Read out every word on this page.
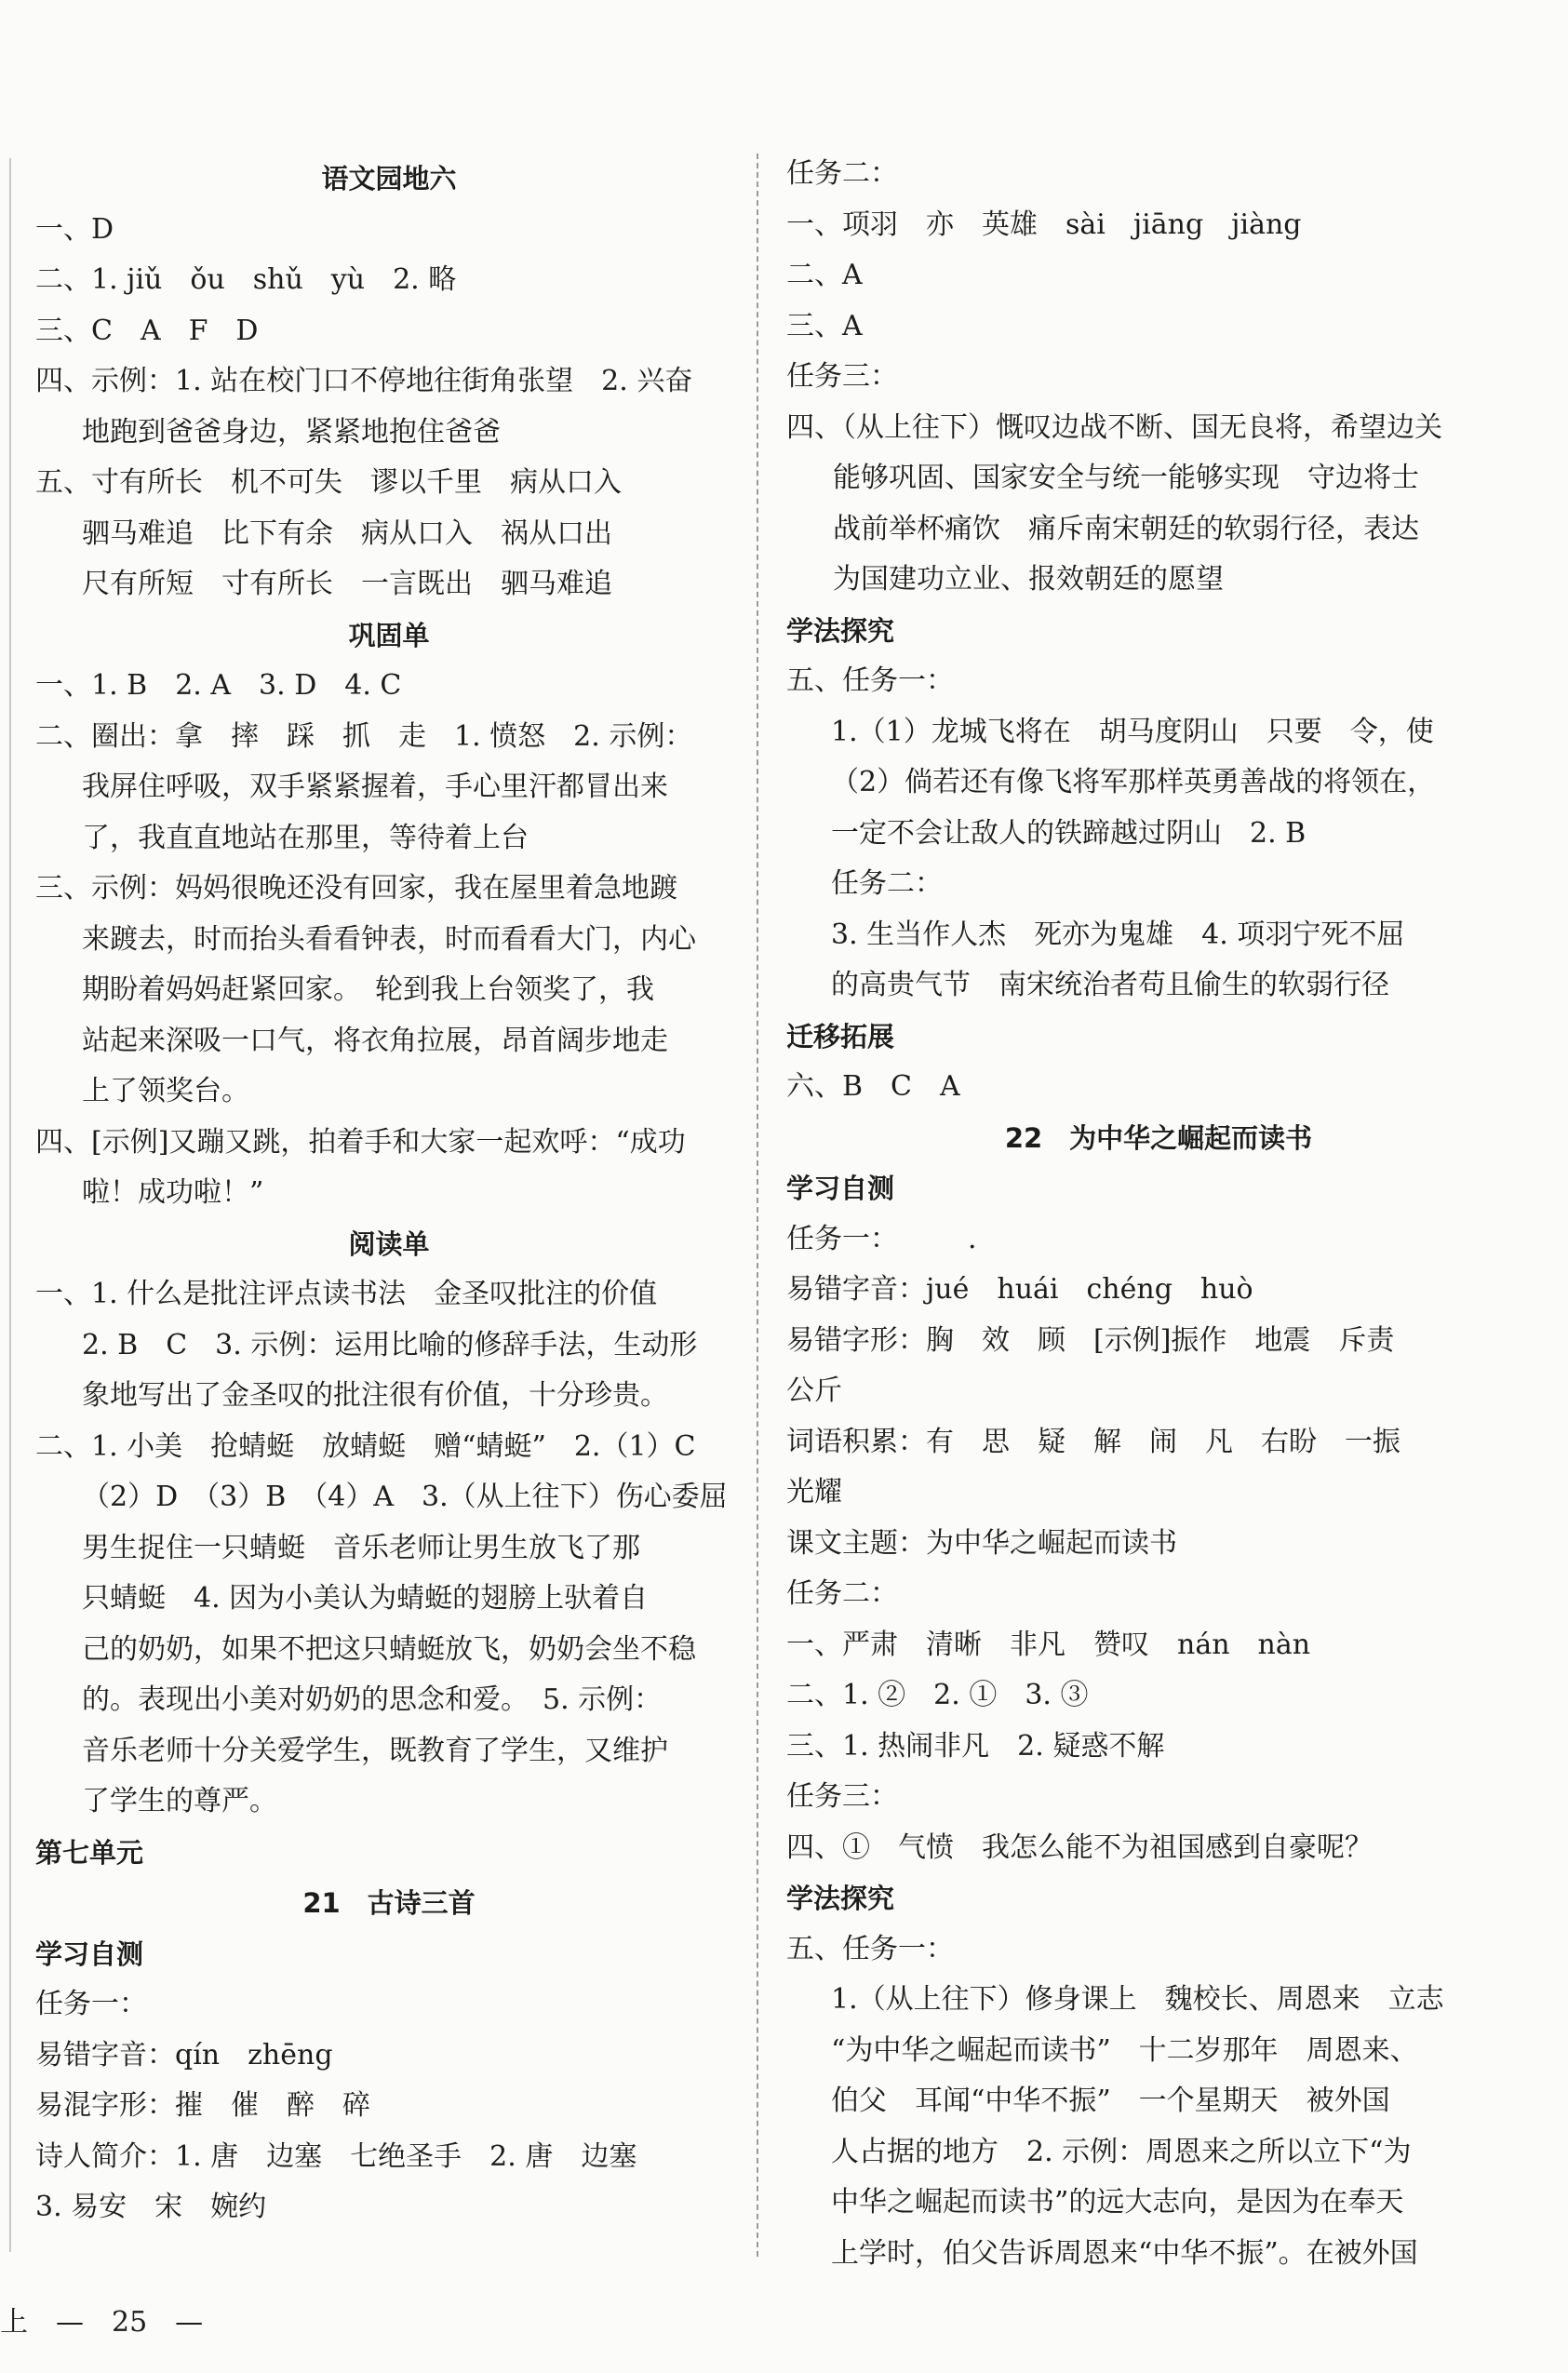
语文园地六
一、D
二、1. jiǔ　ǒu　shǔ　yù　2. 略
三、C　A　F　D
四、示例：1. 站在校门口不停地往街角张望　2. 兴奋
地跑到爸爸身边，紧紧地抱住爸爸
五、寸有所长　机不可失　谬以千里　病从口入
驷马难追　比下有余　病从口入　祸从口出
尺有所短　寸有所长　一言既出　驷马难追
巩固单
一、1. B　2. A　3. D　4. C
二、圈出：拿　摔　踩　抓　走　1. 愤怒　2. 示例：
我屏住呼吸，双手紧紧握着，手心里汗都冒出来
了，我直直地站在那里，等待着上台
三、示例：妈妈很晚还没有回家，我在屋里着急地踱
来踱去，时而抬头看看钟表，时而看看大门，内心
期盼着妈妈赶紧回家。　轮到我上台领奖了，我
站起来深吸一口气，将衣角拉展，昂首阔步地走
上了领奖台。
四、[示例]又蹦又跳，拍着手和大家一起欢呼：“成功
啦！成功啦！”
阅读单
一、1. 什么是批注评点读书法　金圣叹批注的价值
2. B　C　3. 示例：运用比喻的修辞手法，生动形
象地写出了金圣叹的批注很有价值，十分珍贵。
二、1. 小美　抢蜻蜓　放蜻蜓　赠“蜻蜓”　2.（1）C
（2）D　（3）B　（4）A　3.（从上往下）伤心委屈
男生捉住一只蜻蜓　音乐老师让男生放飞了那
只蜻蜓　4. 因为小美认为蜻蜓的翅膀上驮着自
己的奶奶，如果不把这只蜻蜓放飞，奶奶会坐不稳
的。表现出小美对奶奶的思念和爱。　5. 示例：
音乐老师十分关爱学生，既教育了学生，又维护
了学生的尊严。
第七单元
21　古诗三首
学习自测
任务一：
易错字音：qín　zhēng
易混字形：摧　催　醉　碎
诗人简介：1. 唐　边塞　七绝圣手　2. 唐　边塞
3. 易安　宋　婉约
任务二：
一、项羽　亦　英雄　sài　jiāng　jiàng
二、A
三、A
任务三：
四、（从上往下）慨叹边战不断、国无良将，希望边关
能够巩固、国家安全与统一能够实现　守边将士
战前举杯痛饮　痛斥南宋朝廷的软弱行径，表达
为国建功立业、报效朝廷的愿望
学法探究
五、任务一：
1.（1）龙城飞将在　胡马度阴山　只要　令，使
（2）倘若还有像飞将军那样英勇善战的将领在，
一定不会让敌人的铁蹄越过阴山　2. B
任务二：
3. 生当作人杰　死亦为鬼雄　4. 项羽宁死不屈
的高贵气节　南宋统治者苟且偷生的软弱行径
迁移拓展
六、B　C　A
22　为中华之崛起而读书
学习自测
任务一：　　　.
易错字音：jué　huái　chéng　huò
易错字形：胸　效　顾　[示例]振作　地震　斥责
公斤
词语积累：有　思　疑　解　闹　凡　右盼　一振
光耀
课文主题：为中华之崛起而读书
任务二：
一、严肃　清晰　非凡　赞叹　nán　nàn
二、1. ②　2. ①　3. ③
三、1. 热闹非凡　2. 疑惑不解
任务三：
四、①　气愤　我怎么能不为祖国感到自豪呢？
学法探究
五、任务一：
1.（从上往下）修身课上　魏校长、周恩来　立志
“为中华之崛起而读书”　十二岁那年　周恩来、
伯父　耳闻“中华不振”　一个星期天　被外国
人占据的地方　2. 示例：周恩来之所以立下“为
中华之崛起而读书”的远大志向，是因为在奉天
上学时，伯父告诉周恩来“中华不振”。在被外国
上　—　25　—
